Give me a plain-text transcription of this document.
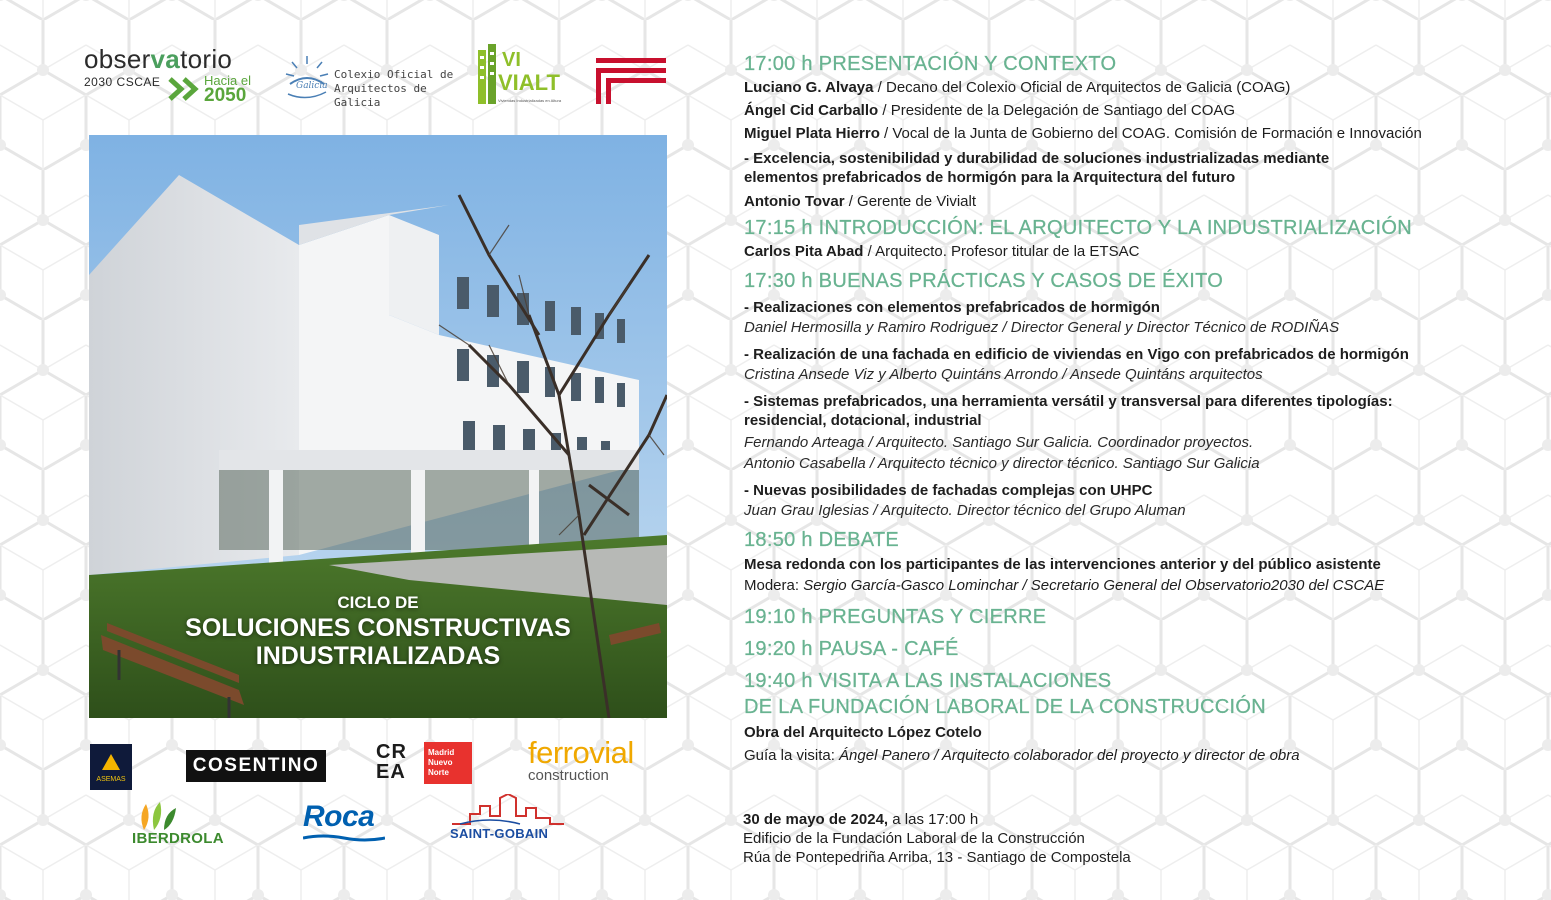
observatorio
2030 CSCAE	Hacia el
2050	Galicia
Colexio Oficial de
Arquitectos de Galicia
VI
VIALT
Viviendas Industrializadas en Altura
CICLO DE
SOLUCIONES CONSTRUCTIVAS
INDUSTRIALIZADAS
ASEMAS
COSENTINO
CR
EA
Madrid
Nuevo
Norte
ferrovial
construction
IBERDROLA
Roca
SAINT-GOBAIN
17:00 h PRESENTACIÓN Y CONTEXTO
Luciano G. Alvaya / Decano del Colexio Oficial de Arquitectos de Galicia (COAG)
Ángel Cid Carballo / Presidente de la Delegación de Santiago del COAG
Miguel Plata Hierro / Vocal de la Junta de Gobierno del COAG. Comisión de Formación e Innovación
- Excelencia, sostenibilidad y durabilidad de soluciones industrializadas mediante
elementos prefabricados de hormigón para la Arquitectura del futuro
Antonio Tovar / Gerente de Vivialt
17:15 h INTRODUCCIÓN: EL ARQUITECTO Y LA INDUSTRIALIZACIÓN
Carlos Pita Abad / Arquitecto. Profesor titular de la ETSAC
17:30 h BUENAS PRÁCTICAS Y CASOS DE ÉXITO
- Realizaciones con elementos prefabricados de hormigón
Daniel Hermosilla y Ramiro Rodriguez / Director General y Director Técnico de RODIÑAS
- Realización de una fachada en edificio de viviendas en Vigo con prefabricados de hormigón
Cristina Ansede Viz y Alberto Quintáns Arrondo / Ansede Quintáns arquitectos
- Sistemas prefabricados, una herramienta versátil y transversal para diferentes tipologías:
residencial, dotacional, industrial
Fernando Arteaga / Arquitecto. Santiago Sur Galicia. Coordinador proyectos.
Antonio Casabella / Arquitecto técnico y director técnico. Santiago Sur Galicia
- Nuevas posibilidades de fachadas complejas con UHPC
Juan Grau Iglesias / Arquitecto. Director técnico del Grupo Aluman
18:50 h DEBATE
Mesa redonda con los participantes de las intervenciones anterior y del público asistente
Modera: Sergio García-Gasco Lominchar / Secretario General del Observatorio2030 del CSCAE
19:10 h PREGUNTAS Y CIERRE
19:20 h PAUSA - CAFÉ
19:40 h VISITA A LAS INSTALACIONES
DE LA FUNDACIÓN LABORAL DE LA CONSTRUCCIÓN
Obra del Arquitecto López Cotelo
Guía la visita: Ángel Panero / Arquitecto colaborador del proyecto y director de obra
30 de mayo de 2024, a las 17:00 h
Edificio de la Fundación Laboral de la Construcción
Rúa de Pontepedriña Arriba, 13 - Santiago de Compostela
